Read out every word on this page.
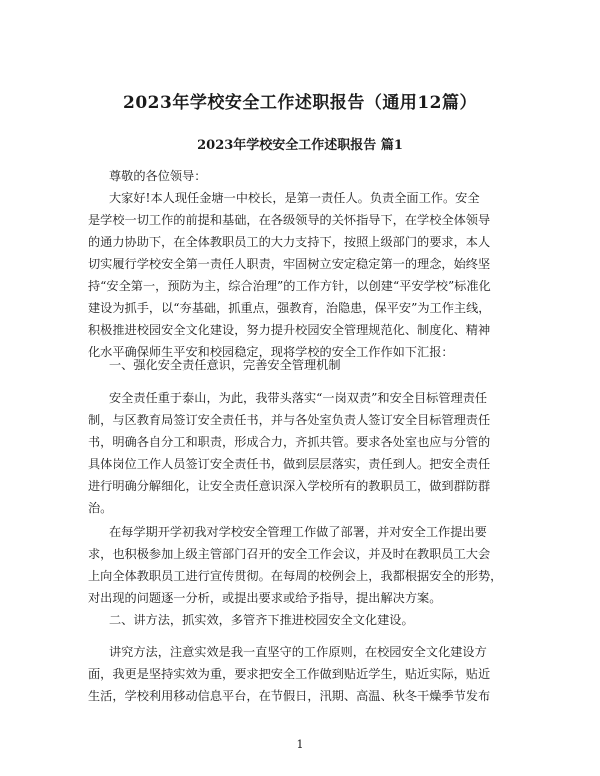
2023年学校安全工作述职报告（通用12篇）
2023年学校安全工作述职报告 篇1
尊敬的各位领导：
大家好!本人现任金塘一中校长，是第一责任人。负责全面工作。安全
是学校一切工作的前提和基础，在各级领导的关怀指导下，在学校全体领导
的通力协助下，在全体教职员工的大力支持下，按照上级部门的要求，本人
切实履行学校安全第一责任人职责，牢固树立安定稳定第一的理念，始终坚
持“安全第一，预防为主，综合治理”的工作方针，以创建“平安学校”标准化
建设为抓手，以“夯基础，抓重点，强教育，治隐患，保平安”为工作主线，
积极推进校园安全文化建设，努力提升校园安全管理规范化、制度化、精神
化水平确保师生平安和校园稳定，现将学校的安全工作作如下汇报：
一、强化安全责任意识，完善安全管理机制
安全责任重于泰山，为此，我带头落实“一岗双责”和安全目标管理责任
制，与区教育局签订安全责任书，并与各处室负责人签订安全目标管理责任
书，明确各自分工和职责，形成合力，齐抓共管。要求各处室也应与分管的
具体岗位工作人员签订安全责任书，做到层层落实，责任到人。把安全责任
进行明确分解细化，让安全责任意识深入学校所有的教职员工，做到群防群
治。
在每学期开学初我对学校安全管理工作做了部署，并对安全工作提出要
求，也积极参加上级主管部门召开的安全工作会议，并及时在教职员工大会
上向全体教职员工进行宣传贯彻。在每周的校例会上，我都根据安全的形势，
对出现的问题逐一分析，或提出要求或给予指导，提出解决方案。
二、讲方法，抓实效，多管齐下推进校园安全文化建设。
讲究方法，注意实效是我一直坚守的工作原则，在校园安全文化建设方
面，我更是坚持实效为重，要求把安全工作做到贴近学生，贴近实际，贴近
生活，学校利用移动信息平台，在节假日，汛期、高温、秋冬干燥季节发布
1
